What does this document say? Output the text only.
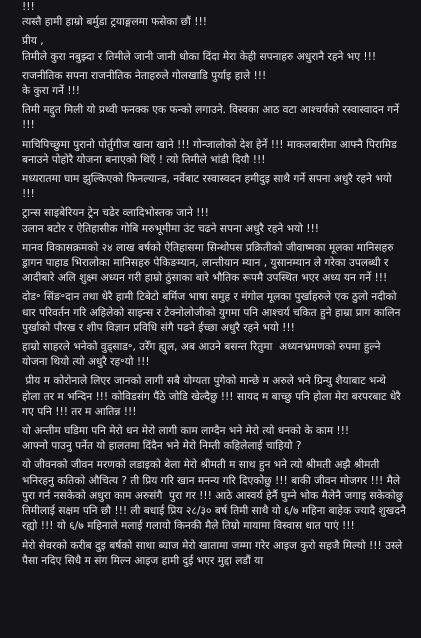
!!!
त्यस्तै हामी हाम्रो बर्मुडा ट्रयाङ्गलमा फसेका छौं !!!

प्रीय ,
तिमीले कुरा नबुझ्दा र तिमीले जानी जानी धोका दिंदा मेरा केही सपनाहरु अधुरानै रहने भए !!!

राजनीतिक सपना राजनीतिक नेताहरुले गोलखाडि पुर्याइ हाले !!!
के कुरा गर्ने !!!

तिमी मद्दुत मिली यो प्रथ्वी फनक्क एक फन्को लगाउने. विस्वका आठ वटा आश्चर्यको रस्वास्वादन गर्ने !!!

माचिपिच्छुमा पुरानो पोर्तुगीज खाना खाने !!! गोन्जालोको देश हेर्ने !!! माकलबारीमा आफ्नै पिरामिड बनाउने पोहोरै योजना बनाएको थिएँ ! त्यो तिमीले भांडी दियौ !!!

मध्यरातमा घाम झुल्किएको फिनल्यान्ड, नर्वेबाट रस्वास्वदन हमीदुइ साथै गर्ने सपना अधुरै रहने भयो !!!

ट्रान्स साइबेरियन ट्रेन चढेर व्लादिभोस्तक जाने !!!
उलान बटोर र ऐतिहासीक गोबि मरुभूमीमा उंट चढने सपना अधुरै रहने भयो !!!

मानव विकासक्रमको २४ लाख बर्षको ऐतिहासमा सिन्थोपस प्रक्रितीको जीवाष्मका मूलका मानिसहरु ड्रागन पाहाड भिरालोका मानिसहरु पेकिङम्यान, लान्तीयान म्यान , युसानम्यान ले गरेका उपलब्धी र आदीबारे अलि शुक्ष्म अध्यन गरी हाम्रो ठुंसाका बारे भौतिक रूपमै उपस्थित भएर अध्य यन गर्ने !!!

दोड॰ सिंङ॰दान तथा धेरै हामी टिबेटो बर्मिज भाषा समुह र मंगोल मूलका पुर्खाहरुले एक ठुलो नदीको धार परिवर्तन गरि अहिलेको साइन्स र टेक्नोलोजीको युगमा पनि आश्चर्य चकित हुने हाम्रा प्राग कालिन पुर्खाको पौरख र शीप विज्ञान प्रविधि संगै पढने ईच्छा अधुरै रहने भयो !!!

हाम्रो साहरले भनेको वुड्साड॰, उरेँग ह्युल, अब आउने बसन्त रितुमा  अध्यनभ्रमणको रुपमा हुल्ने योजना थियो त्यो अधुरै रह॰यो !!!

प्रीय म कोरोनाले लिएर जानको लागी सबै योग्यता पुगेको मान्छे म अरुले भने ग्रिन्यु शैयाबाट भन्थे होला तर म भन्दिन !!! कोविडसंग पैंठे जोडि खेल्दैछु !!! सायद म बाच्छु पनि होला मेरा बरपरबाट धेरै गए पनि !!! तर म आतिन्न !!!

यो अन्तीम घडिमा पनि मेरो धन मेरो लागी काम लाग्दैन भने मेरो त्यो धनको के काम !!!
आफ्नो पाउनु पर्नेत यो हालतमा दिंदैन भने मेरो निम्ती कहिलेलाई चाहियो ?

यो जीवनको जीवन मरणको लडाइको बेला मेरो श्रीमती म साथ हुन भने त्यो श्रीमती अझै श्रीमती भनिरहनु कतिको औचित्य ? ती प्रिय गरि खान मनन्य गरि दिएकोछु !!! बाकी जीवन मोजगर !!! मैले पुरा गर्न नसकेको अधुरा काम अरुसंगै  पुरा गर !!! आठे आस्वर्य हेर्नै घुम्ने भोक मैलेनै जगाइ सकेकोछु तिमीलाई सक्षम पनि छौ !!! ली बधाई प्रिय २८/३० बर्ष तिमी साथै यो ६/७ महिना बाहेक ज्यादै शुखदनै रह्यो !!! यो ६/७ महिनाले मलाई गलायो किनकी मैले तिम्रो मायामा विस्वास धात पाएं !!!

मेरो सेवरको करीब दुइ बर्षको साथा ब्याज मेरो खातामा जम्मा गरेर आइज कुरो सहजै मिल्यो !!! उस्ले पैसा नदिए सिधै म संग मिल्न आइज हामी दुई भएर मुद्दा लडौं या
